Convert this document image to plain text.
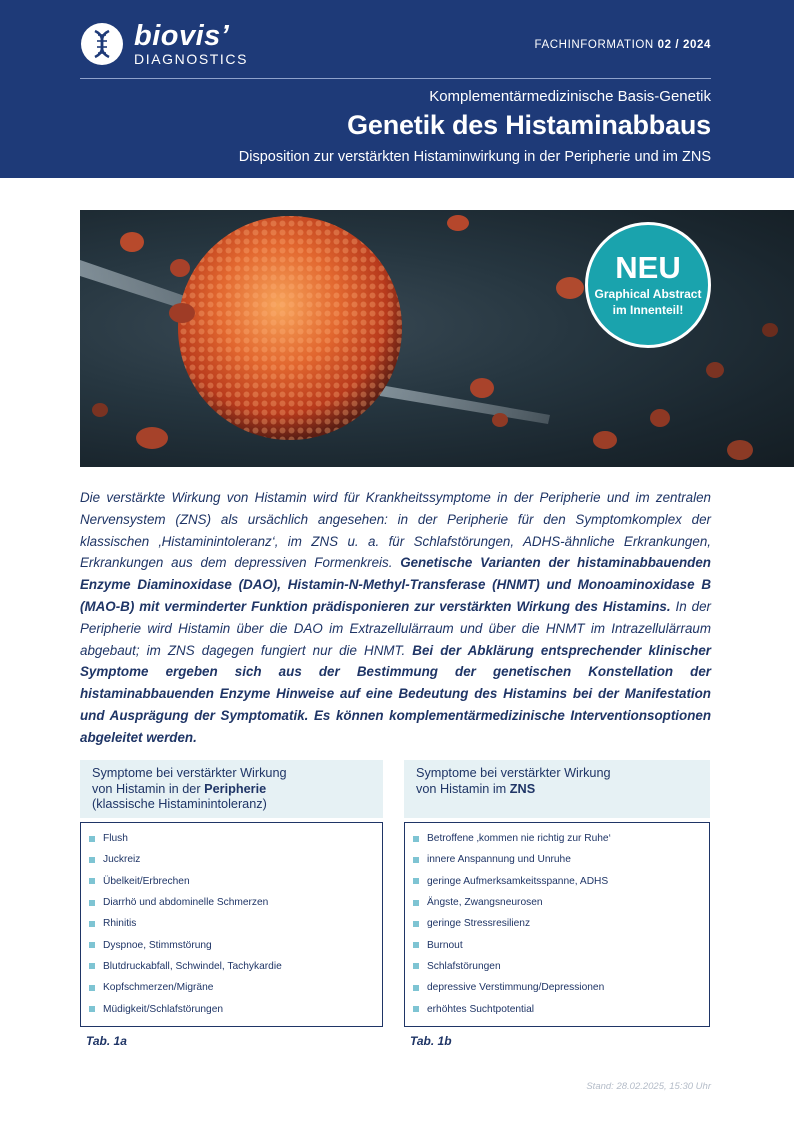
biovis’
DIAGNOSTICS
FACHINFORMATION 02 / 2024
Komplementärmedizinische Basis-Genetik
Genetik des Histaminabbaus
Disposition zur verstärkten Histaminwirkung in der Peripherie und im ZNS
NEU
Graphical Abstract
im Innenteil!
Die verstärkte Wirkung von Histamin wird für Krankheitssymptome in der Peripherie und im zentralen Nervensystem (ZNS) als ursächlich angesehen: in der Peripherie für den Symptomkomplex der klassischen ‚Histaminintoleranz‘, im ZNS u. a. für Schlafstörungen, ADHS-ähnliche Erkrankungen, Erkrankungen aus dem depressiven Formenkreis. Genetische Varianten der histaminabbauenden Enzyme Diaminoxidase (DAO), Histamin-N-Methyl-Transferase (HNMT) und Monoaminoxidase B (MAO-B) mit verminderter Funktion prädisponieren zur verstärkten Wirkung des Histamins. In der Peripherie wird Histamin über die DAO im Extrazellulärraum und über die HNMT im Intrazellulärraum abgebaut; im ZNS dagegen fungiert nur die HNMT. Bei der Abklärung entsprechender klinischer Symptome ergeben sich aus der Bestimmung der genetischen Konstellation der histaminabbauenden Enzyme Hinweise auf eine Bedeutung des Histamins bei der Manifestation und Ausprägung der Symptomatik. Es können komplementärmedizinische Interventionsoptionen abgeleitet werden.
Symptome bei verstärkter Wirkung
von Histamin in der Peripherie
(klassische Histaminintoleranz)
Flush
Juckreiz
Übelkeit/Erbrechen
Diarrhö und abdominelle Schmerzen
Rhinitis
Dyspnoe, Stimmstörung
Blutdruckabfall, Schwindel, Tachykardie
Kopfschmerzen/Migräne
Müdigkeit/Schlafstörungen
Tab. 1a
Symptome bei verstärkter Wirkung
von Histamin im ZNS
Betroffene ‚kommen nie richtig zur Ruhe‘
innere Anspannung und Unruhe
geringe Aufmerksamkeitsspanne, ADHS
Ängste, Zwangsneurosen
geringe Stressresilienz
Burnout
Schlafstörungen
depressive Verstimmung/Depressionen
erhöhtes Suchtpotential
Tab. 1b
Stand: 28.02.2025, 15:30 Uhr
